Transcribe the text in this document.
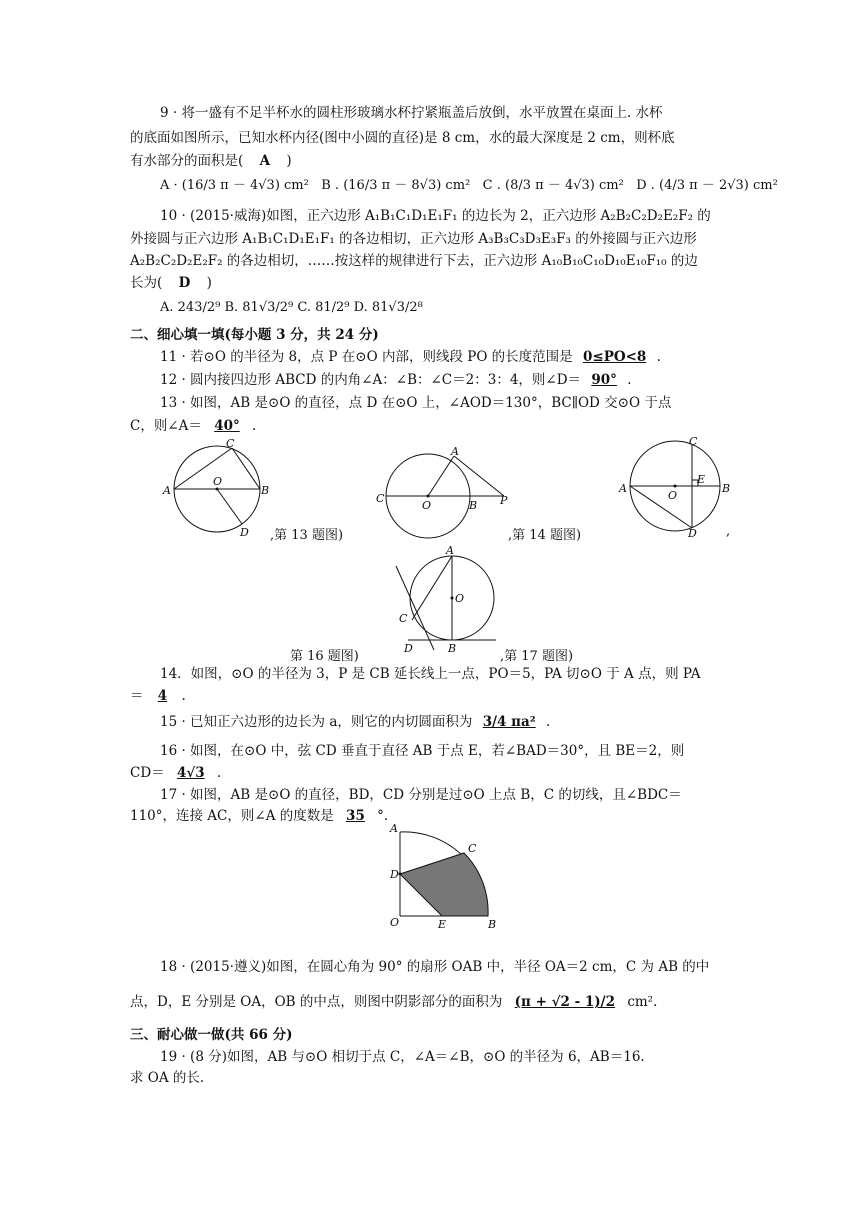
9 · 将一盛有不足半杯水的圆柱形玻璃水杯拧紧瓶盖后放倒，水平放置在桌面上. 水杯
的底面如图所示，已知水杯内径(图中小圆的直径)是 8 cm，水的最大深度是 2 cm，则杯底
有水部分的面积是( A )
A · (16/3 π － 4√3) cm² B . (16/3 π － 8√3) cm² C . (8/3 π － 4√3) cm² D . (4/3 π － 2√3) cm²
10 · (2015·威海)如图，正六边形 A₁B₁C₁D₁E₁F₁ 的边长为 2，正六边形 A₂B₂C₂D₂E₂F₂ 的
外接圆与正六边形 A₁B₁C₁D₁E₁F₁ 的各边相切，正六边形 A₃B₃C₃D₃E₃F₃ 的外接圆与正六边形
A₂B₂C₂D₂E₂F₂ 的各边相切，……按这样的规律进行下去，正六边形 A₁₀B₁₀C₁₀D₁₀E₁₀F₁₀ 的边
长为( D )
A. 243/2⁹ B. 81√3/2⁹ C. 81/2⁹ D. 81√3/2⁸
二、细心填一填(每小题 3 分，共 24 分)
11 · 若⊙O 的半径为 8，点 P 在⊙O 内部，则线段 PO 的长度范围是 0≤PO<8 .
12 · 圆内接四边形 ABCD 的内角∠A：∠B：∠C＝2：3：4，则∠D＝ 90° .
13 · 如图，AB 是⊙O 的直径，点 D 在⊙O 上，∠AOD＝130°，BC∥OD 交⊙O 于点
C，则∠A＝ 40° .
A	B
C
D
O
,第 13 题图)
C
O	B
A
P
,第 14 题图)
A	B
C
D
E
O
,
A
O
C
D	B
第 16 题图)	,第 17 题图)
14．如图，⊙O 的半径为 3，P 是 CB 延长线上一点，PO＝5，PA 切⊙O 于 A 点，则 PA
＝ 4 .
15 · 已知正六边形的边长为 a，则它的内切圆面积为 3/4 πa² .
16 · 如图，在⊙O 中，弦 CD 垂直于直径 AB 于点 E，若∠BAD＝30°，且 BE＝2，则
CD＝ 4√3 .
17 · 如图，AB 是⊙O 的直径，BD，CD 分别是过⊙O 上点 B，C 的切线，且∠BDC＝
110°，连接 AC，则∠A 的度数是 35 °.
A
D
O	E	B
C
18 · (2015·遵义)如图，在圆心角为 90° 的扇形 OAB 中，半径 OA＝2 cm，C 为 AB 的中
点，D，E 分别是 OA，OB 的中点，则图中阴影部分的面积为 (π + √2 - 1)/2 cm².
三、耐心做一做(共 66 分)
19 · (8 分)如图，AB 与⊙O 相切于点 C，∠A＝∠B，⊙O 的半径为 6，AB＝16.
求 OA 的长.
